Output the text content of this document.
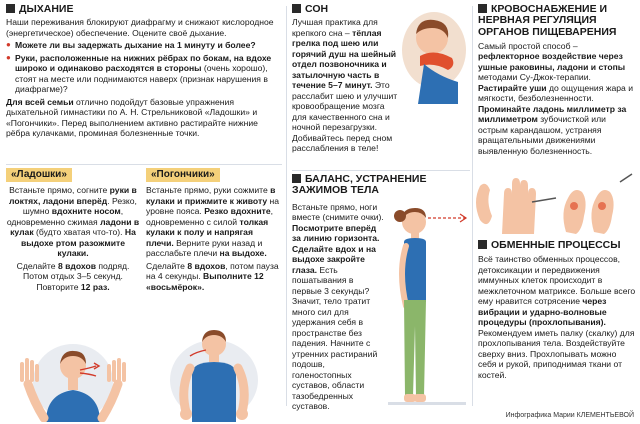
ДЫХАНИЕ

Наши переживания блокируют диафрагму и снижают кислородное (энергетическое) обеспечение. Оцените своё дыхание.

● Можете ли вы задержать дыхание на 1 минуту и более?

● Руки, расположенные на нижних рёбрах по бокам, на вдохе широко и одинаково расходятся в стороны (очень хорошо), стоят на месте или поднимаются наверх (признак нарушения в диафрагме)?

Для всей семьи отлично подойдут базовые упражнения дыхательной гимнастики по А. Н. Стрельниковой «Ладошки» и «Погончики». Перед выполнением активно растирайте нижние рёбра кулачками, проминая болезненные точки.

«Ладошки»

Встаньте прямо, согните руки в локтях, ладони вперёд. Резко, шумно вдохните носом, одновременно сжимая ладони в кулак (будто хватая что-то). На выдохе ртом разожмите кулаки.

Сделайте 8 вдохов подряд. Потом отдых 3–5 секунд. Повторите 12 раз.

«Погончики»

Встаньте прямо, руки сожмите в кулаки и прижмите к животу на уровне пояса. Резко вдохните, одновременно с силой толкая кулаки к полу и напрягая плечи. Верните руки назад и расслабьте плечи на выдохе.

Сделайте 8 вдохов, потом пауза на 4 секунды. Выполните 12 «восьмёрок».

СОН

Лучшая практика для крепкого сна – тёплая грелка под шею или горячий душ на шейный отдел позвоночника и затылочную часть в течение 5–7 минут. Это расслабит шею и улучшит кровообращение мозга для качественного сна и ночной перезагрузки. Добивайтесь перед сном расслабления в теле!

БАЛАНС, УСТРАНЕНИЕ ЗАЖИМОВ ТЕЛА

Встаньте прямо, ноги вместе (снимите очки). Посмотрите вперёд за линию горизонта. Сделайте вдох и на выдохе закройте глаза. Есть пошатывания в первые 3 секунды? Значит, тело тратит много сил для удержания себя в пространстве без падения. Начните с утренних растираний подошв, голеностопных суставов, области тазобедренных суставов.

КРОВОСНАБЖЕНИЕ И НЕРВНАЯ РЕГУЛЯЦИЯ ОРГАНОВ ПИЩЕВАРЕНИЯ

Самый простой способ – рефлекторное воздействие через ушные раковины, ладони и стопы методами Су-Джок-терапии. Растирайте уши до ощущения жара и мягкости, безболезненности. Проминайте ладонь миллиметр за миллиметром зубочисткой или острым карандашом, устраняя вращательными движениями выявленную болезненность.

ОБМЕННЫЕ ПРОЦЕССЫ

Всё таинство обменных процессов, детоксикации и передвижения иммунных клеток происходит в межклеточном матриксе. Больше всего ему нравится сотрясение через вибрации и ударно-волновые процедуры (прохлопывания). Рекомендуем иметь палку (скалку) для прохлопывания тела. Воздействуйте сверху вниз. Прохлопывать можно себя и рукой, приподнимая ткани от костей.

Инфографика Марии КЛЕМЕНТЬЕВОЙ
